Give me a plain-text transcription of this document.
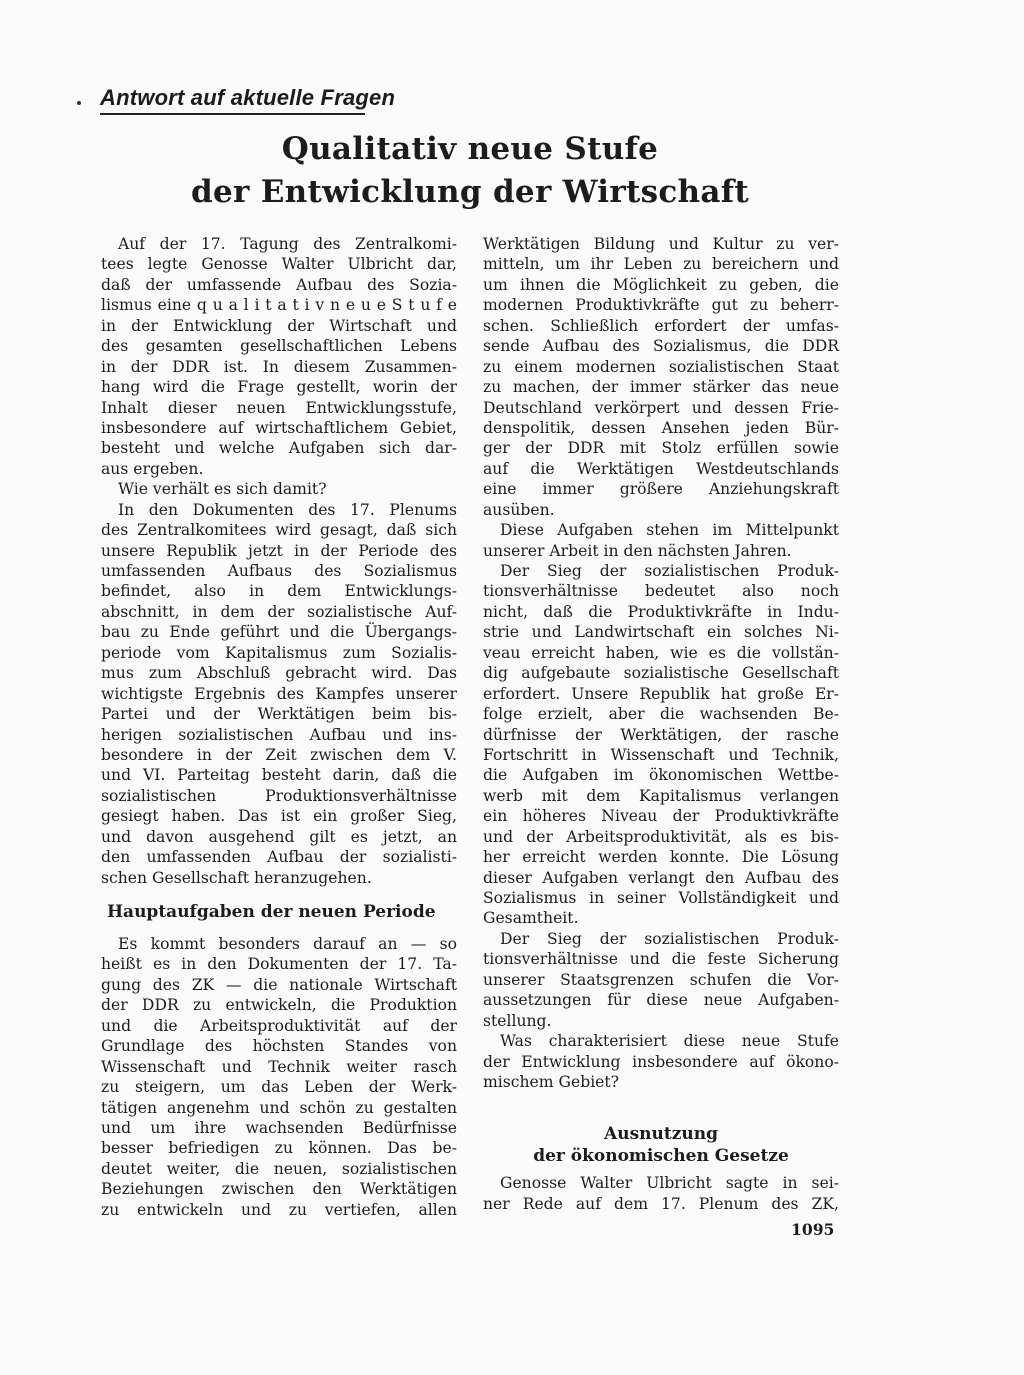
Antwort auf aktuelle Fragen
Qualitativ neue Stufe
der Entwicklung der Wirtschaft
Auf der 17. Tagung des Zentralkomi-
tees legte Genosse Walter Ulbricht dar,
daß der umfassende Aufbau des Sozia-
lismus eine q u a l i t a t i v n e u e S t u f e
in der Entwicklung der Wirtschaft und
des gesamten gesellschaftlichen Lebens
in der DDR ist. In diesem Zusammen-
hang wird die Frage gestellt, worin der
Inhalt dieser neuen Entwicklungsstufe,
insbesondere auf wirtschaftlichem Gebiet,
besteht und welche Aufgaben sich dar-
aus ergeben.
Wie verhält es sich damit?
In den Dokumenten des 17. Plenums
des Zentralkomitees wird gesagt, daß sich
unsere Republik jetzt in der Periode des
umfassenden Aufbaus des Sozialismus
befindet, also in dem Entwicklungs-
abschnitt, in dem der sozialistische Auf-
bau zu Ende geführt und die Übergangs-
periode vom Kapitalismus zum Sozialis-
mus zum Abschluß gebracht wird. Das
wichtigste Ergebnis des Kampfes unserer
Partei und der Werktätigen beim bis-
herigen sozialistischen Aufbau und ins-
besondere in der Zeit zwischen dem V.
und VI. Parteitag besteht darin, daß die
sozialistischen Produktionsverhältnisse
gesiegt haben. Das ist ein großer Sieg,
und davon ausgehend gilt es jetzt, an
den umfassenden Aufbau der sozialisti-
schen Gesellschaft heranzugehen.
Hauptaufgaben der neuen Periode
Es kommt besonders darauf an — so
heißt es in den Dokumenten der 17. Ta-
gung des ZK — die nationale Wirtschaft
der DDR zu entwickeln, die Produktion
und die Arbeitsproduktivität auf der
Grundlage des höchsten Standes von
Wissenschaft und Technik weiter rasch
zu steigern, um das Leben der Werk-
tätigen angenehm und schön zu gestalten
und um ihre wachsenden Bedürfnisse
besser befriedigen zu können. Das be-
deutet weiter, die neuen, sozialistischen
Beziehungen zwischen den Werktätigen
zu entwickeln und zu vertiefen, allen
Werktätigen Bildung und Kultur zu ver-
mitteln, um ihr Leben zu bereichern und
um ihnen die Möglichkeit zu geben, die
modernen Produktivkräfte gut zu beherr-
schen. Schließlich erfordert der umfas-
sende Aufbau des Sozialismus, die DDR
zu einem modernen sozialistischen Staat
zu machen, der immer stärker das neue
Deutschland verkörpert und dessen Frie-
denspolitik, dessen Ansehen jeden Bür-
ger der DDR mit Stolz erfüllen sowie
auf die Werktätigen Westdeutschlands
eine immer größere Anziehungskraft
ausüben.
Diese Aufgaben stehen im Mittelpunkt
unserer Arbeit in den nächsten Jahren.
Der Sieg der sozialistischen Produk-
tionsverhältnisse bedeutet also noch
nicht, daß die Produktivkräfte in Indu-
strie und Landwirtschaft ein solches Ni-
veau erreicht haben, wie es die vollstän-
dig aufgebaute sozialistische Gesellschaft
erfordert. Unsere Republik hat große Er-
folge erzielt, aber die wachsenden Be-
dürfnisse der Werktätigen, der rasche
Fortschritt in Wissenschaft und Technik,
die Aufgaben im ökonomischen Wettbe-
werb mit dem Kapitalismus verlangen
ein höheres Niveau der Produktivkräfte
und der Arbeitsproduktivität, als es bis-
her erreicht werden konnte. Die Lösung
dieser Aufgaben verlangt den Aufbau des
Sozialismus in seiner Vollständigkeit und
Gesamtheit.
Der Sieg der sozialistischen Produk-
tionsverhältnisse und die feste Sicherung
unserer Staatsgrenzen schufen die Vor-
aussetzungen für diese neue Aufgaben-
stellung.
Was charakterisiert diese neue Stufe
der Entwicklung insbesondere auf ökono-
mischem Gebiet?
Ausnutzung
der ökonomischen Gesetze
Genosse Walter Ulbricht sagte in sei-
ner Rede auf dem 17. Plenum des ZK,
1095
